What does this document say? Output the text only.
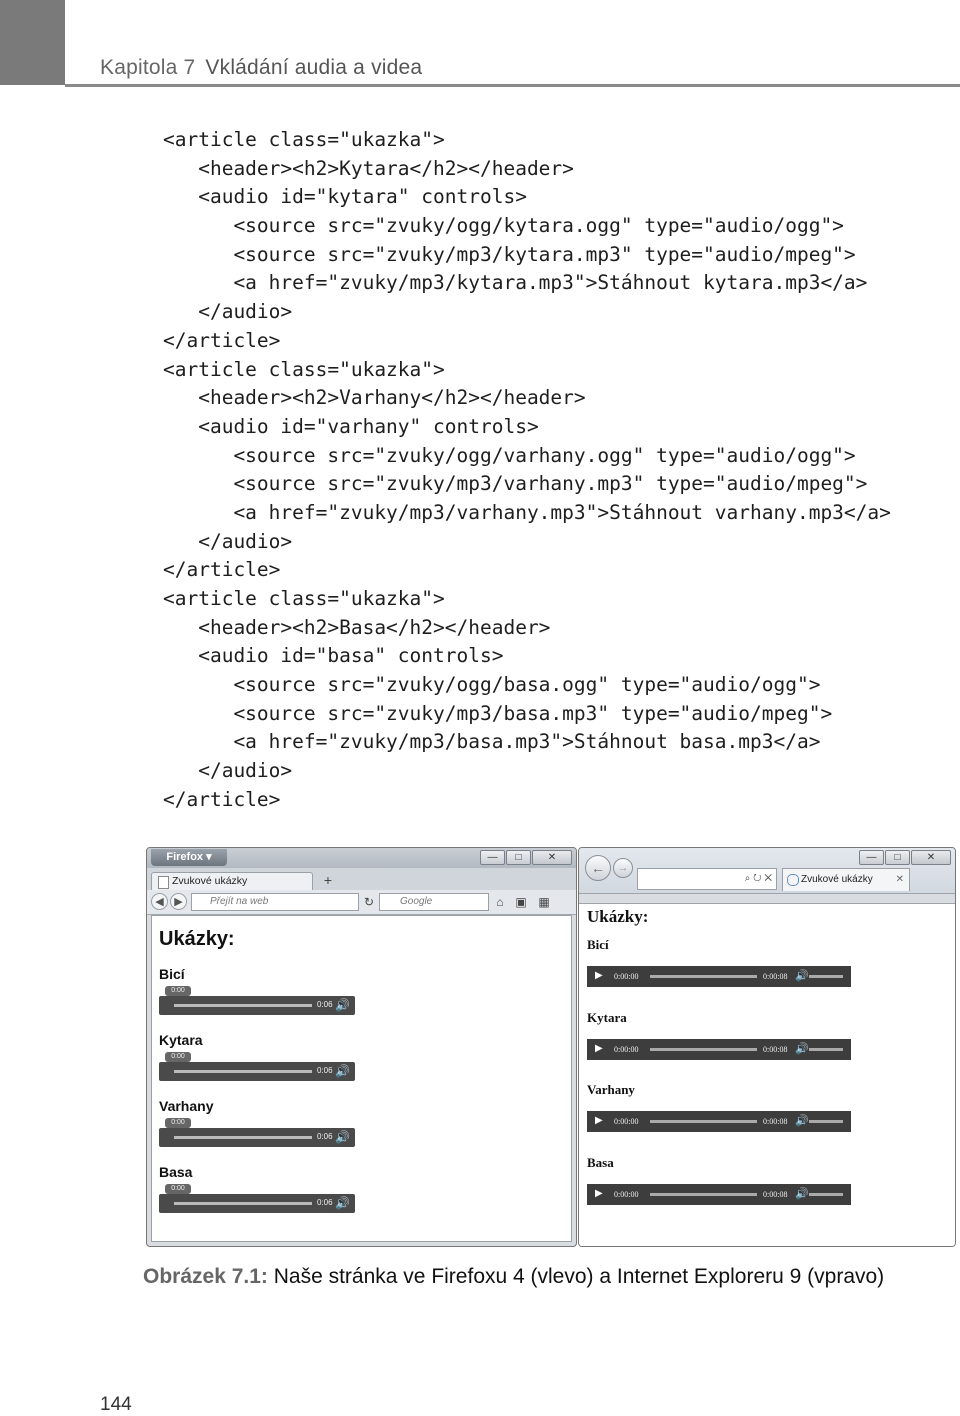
Kapitola 7 Vkládání audia a videa
<article class="ukazka">
<header><h2>Kytara</h2></header>
<audio id="kytara" controls>
<source src="zvuky/ogg/kytara.ogg" type="audio/ogg">
<source src="zvuky/mp3/kytara.mp3" type="audio/mpeg">
<a href="zvuky/mp3/kytara.mp3">Stáhnout kytara.mp3</a>
</audio>
</article>
<article class="ukazka">
<header><h2>Varhany</h2></header>
<audio id="varhany" controls>
<source src="zvuky/ogg/varhany.ogg" type="audio/ogg">
<source src="zvuky/mp3/varhany.mp3" type="audio/mpeg">
<a href="zvuky/mp3/varhany.mp3">Stáhnout varhany.mp3</a>
</audio>
</article>
<article class="ukazka">
<header><h2>Basa</h2></header>
<audio id="basa" controls>
<source src="zvuky/ogg/basa.ogg" type="audio/ogg">
<source src="zvuky/mp3/basa.mp3" type="audio/mpeg">
<a href="zvuky/mp3/basa.mp3">Stáhnout basa.mp3</a>
</audio>
</article>
Firefox ▾	—	□	✕
Zvukové ukázky	+
◀ ▶	Přejít na web	↻	Google	⌂ ▣ ▦
Ukázky:
Bicí
0:00
0:06 🔊
Kytara
0:00
0:06 🔊
Varhany
0:00
0:06 🔊
Basa
0:00
0:06 🔊
—	□	✕
←	→
⌕ ↻ ✕	Zvukové ukázky ✕
Ukázky:
Bicí
▶ 0:00:00	0:00:08 🔊
Kytara
▶ 0:00:00	0:00:08 🔊
Varhany
▶ 0:00:00	0:00:08 🔊
Basa
▶ 0:00:00	0:00:08 🔊
Obrázek 7.1: Naše stránka ve Firefoxu 4 (vlevo) a Internet Exploreru 9 (vpravo)
144
